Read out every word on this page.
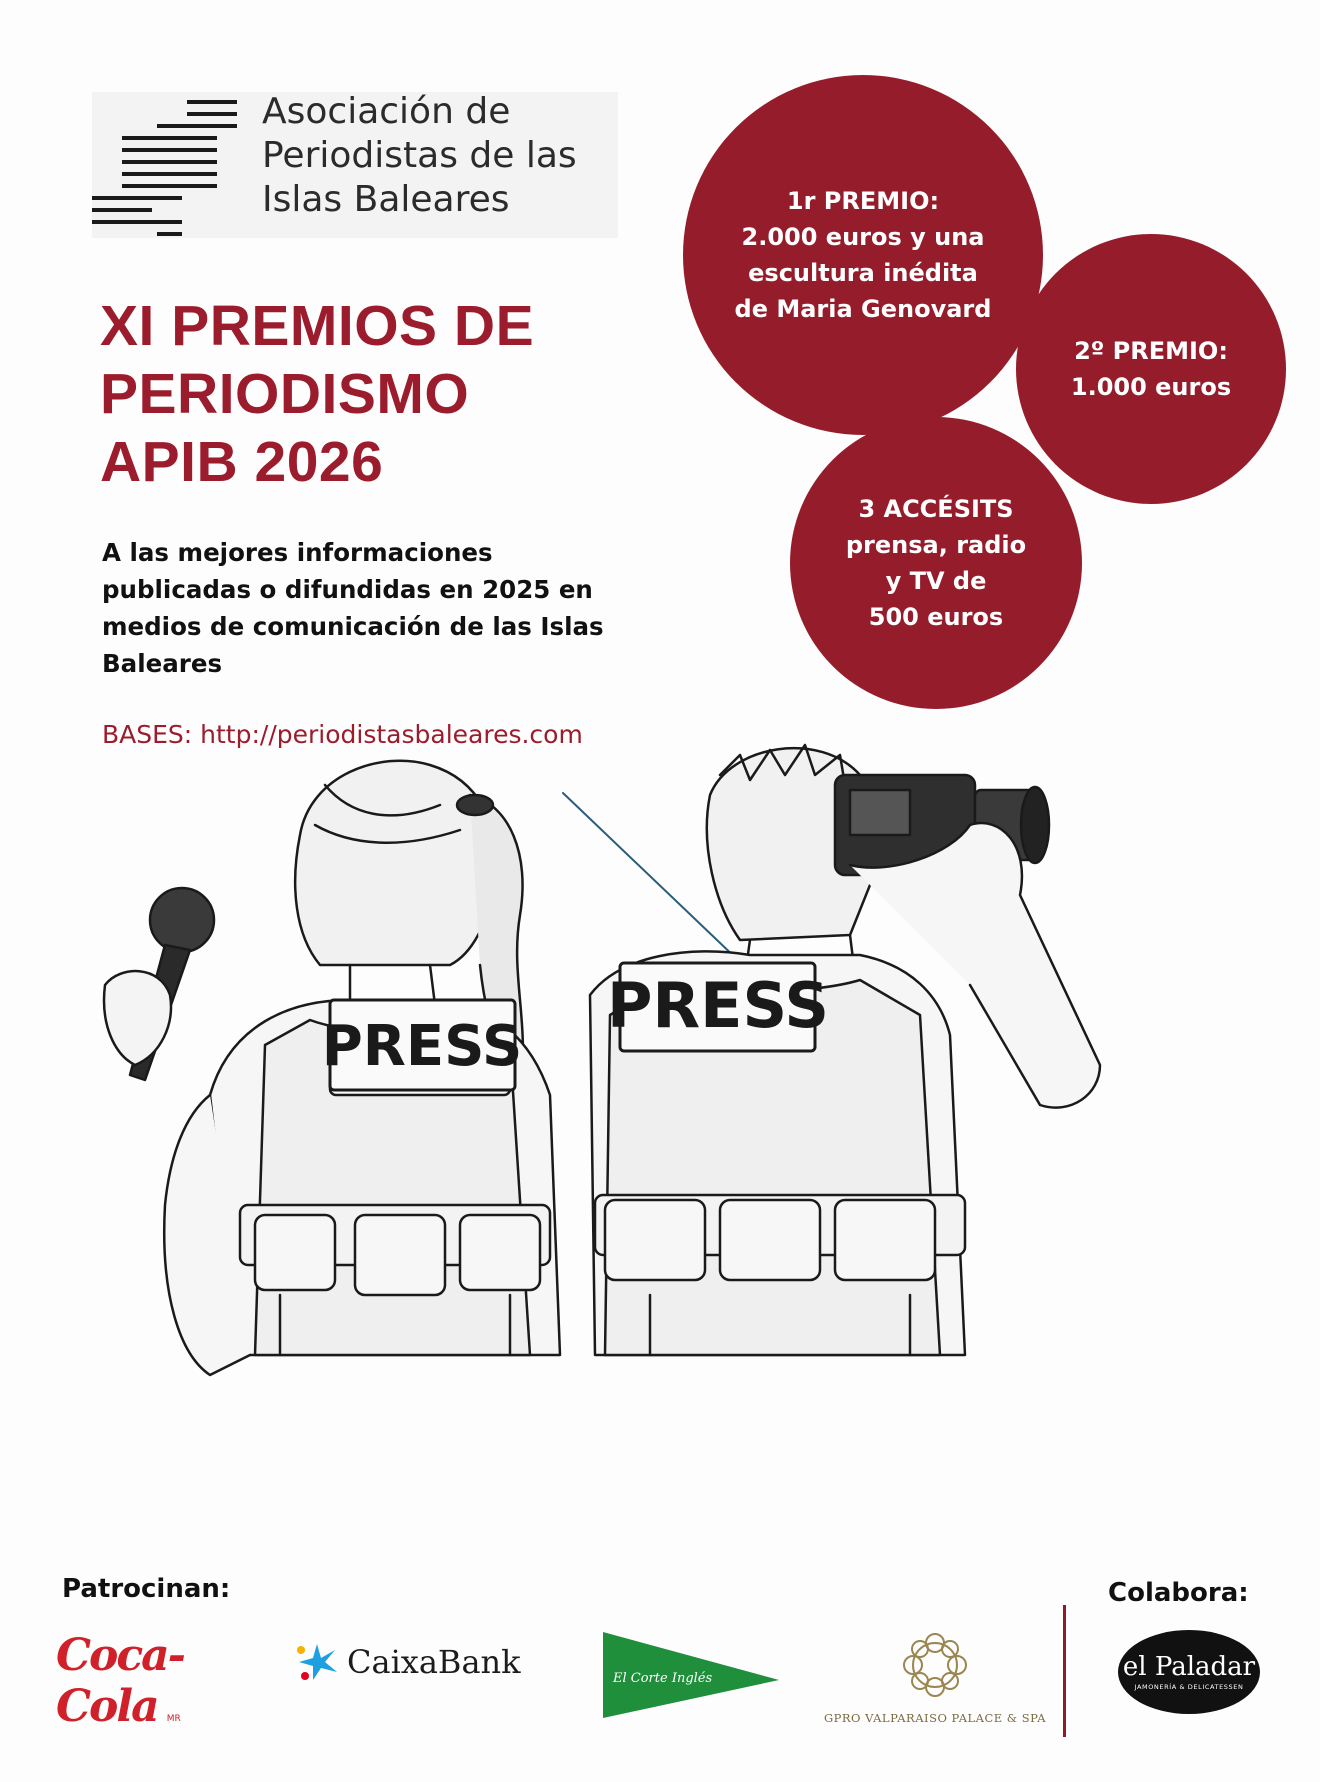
Asociación de
Periodistas de las
Islas Baleares
XI PREMIOS DE
PERIODISMO
APIB 2026
A las mejores informaciones publicadas o difundidas en 2025 en medios de comunicación de las Islas Baleares
BASES: http://periodistasbaleares.com
1r PREMIO:
2.000 euros y una
escultura inédita
de Maria Genovard
2º PREMIO:
1.000 euros
3 ACCÉSITS
prensa, radio
y TV de
500 euros
PRESS
PRESS
Patrocinan:	Colabora:
Coca-Cola MR
CaixaBank	El Corte Inglés
GPRO VALPARAISO PALACE & SPA
el Paladar
JAMONERÍA & DELICATESSEN
